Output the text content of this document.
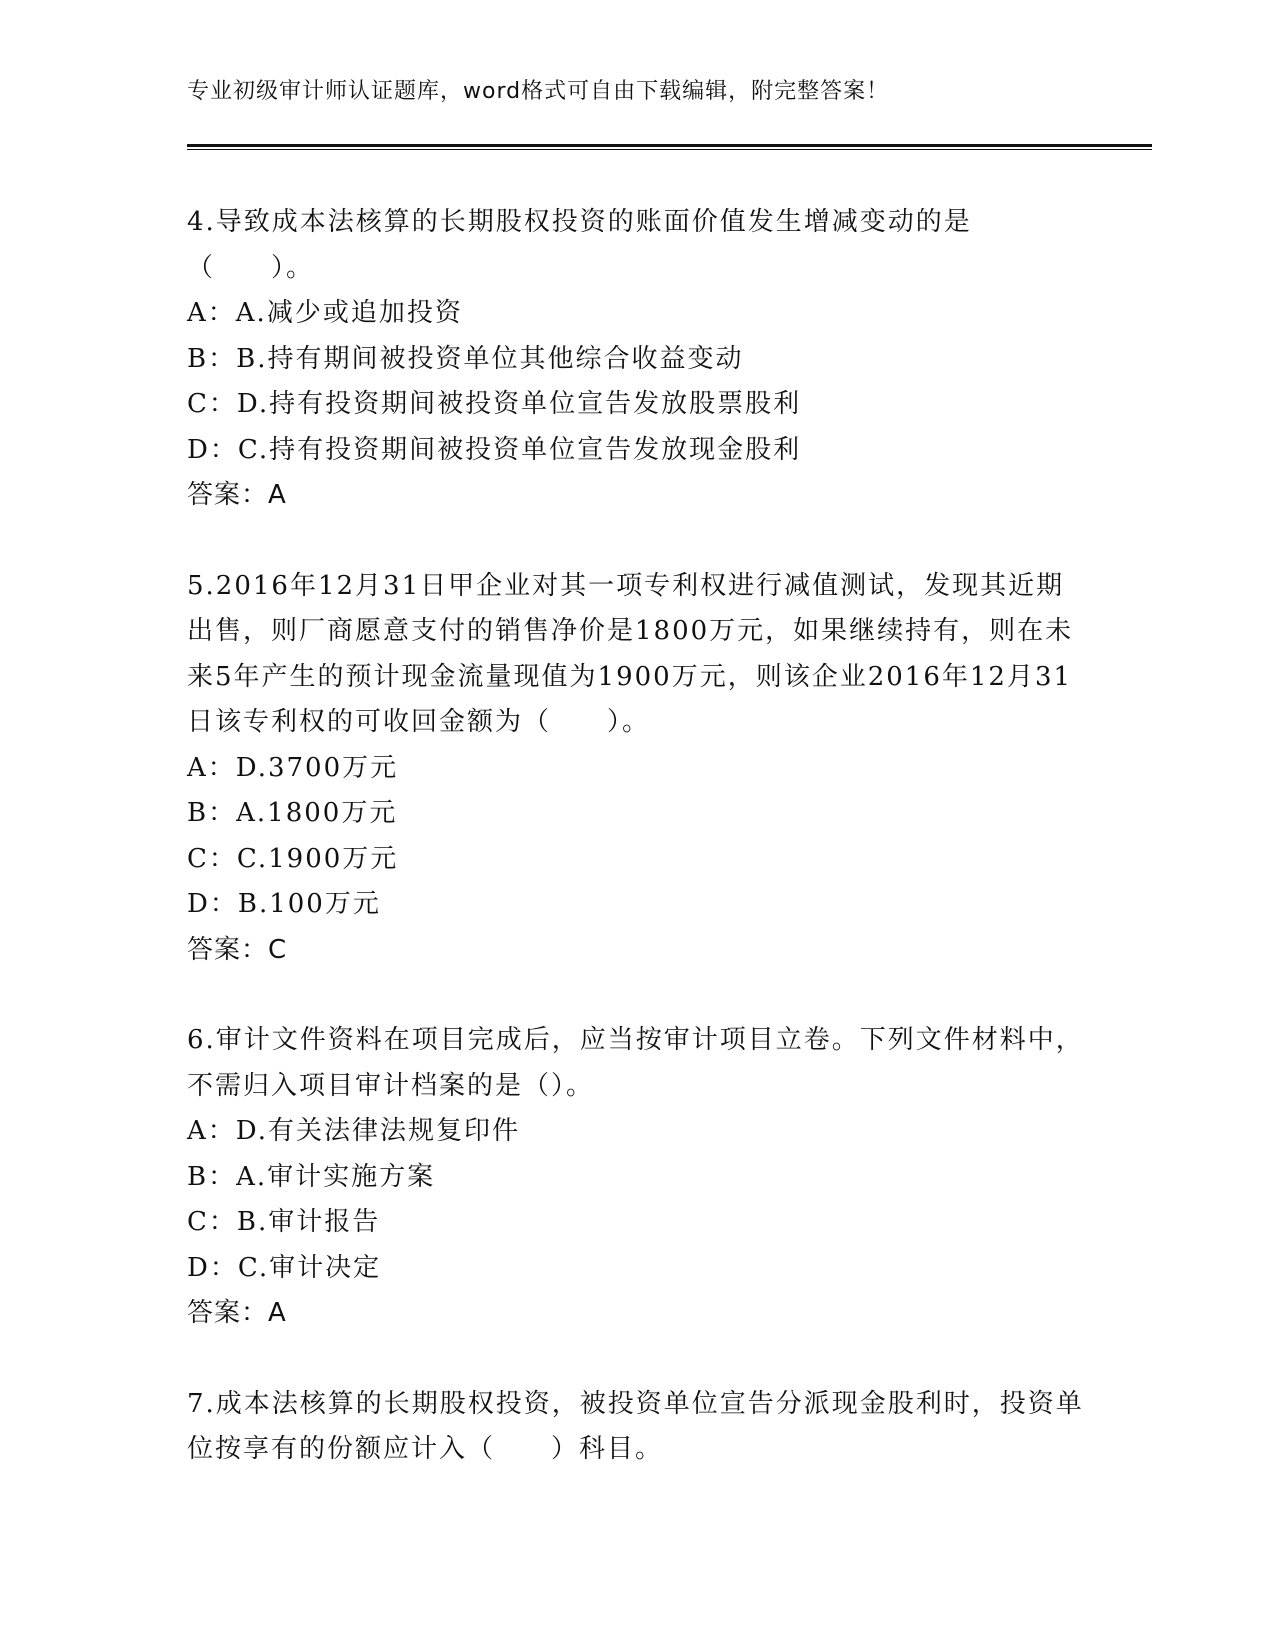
专业初级审计师认证题库，word格式可自由下载编辑，附完整答案！

4.导致成本法核算的长期股权投资的账面价值发生增减变动的是（　　）。

A：A.减少或追加投资

B：B.持有期间被投资单位其他综合收益变动

C：D.持有投资期间被投资单位宣告发放股票股利

D：C.持有投资期间被投资单位宣告发放现金股利

答案：A

5.2016年12月31日甲企业对其一项专利权进行减值测试，发现其近期出售，则厂商愿意支付的销售净价是1800万元，如果继续持有，则在未来5年产生的预计现金流量现值为1900万元，则该企业2016年12月31日该专利权的可收回金额为（　　）。

A：D.3700万元

B：A.1800万元

C：C.1900万元

D：B.100万元

答案：C

6.审计文件资料在项目完成后，应当按审计项目立卷。下列文件材料中，不需归入项目审计档案的是（）。

A：D.有关法律法规复印件

B：A.审计实施方案

C：B.审计报告

D：C.审计决定

答案：A

7.成本法核算的长期股权投资，被投资单位宣告分派现金股利时，投资单位按享有的份额应计入（　　）科目。
